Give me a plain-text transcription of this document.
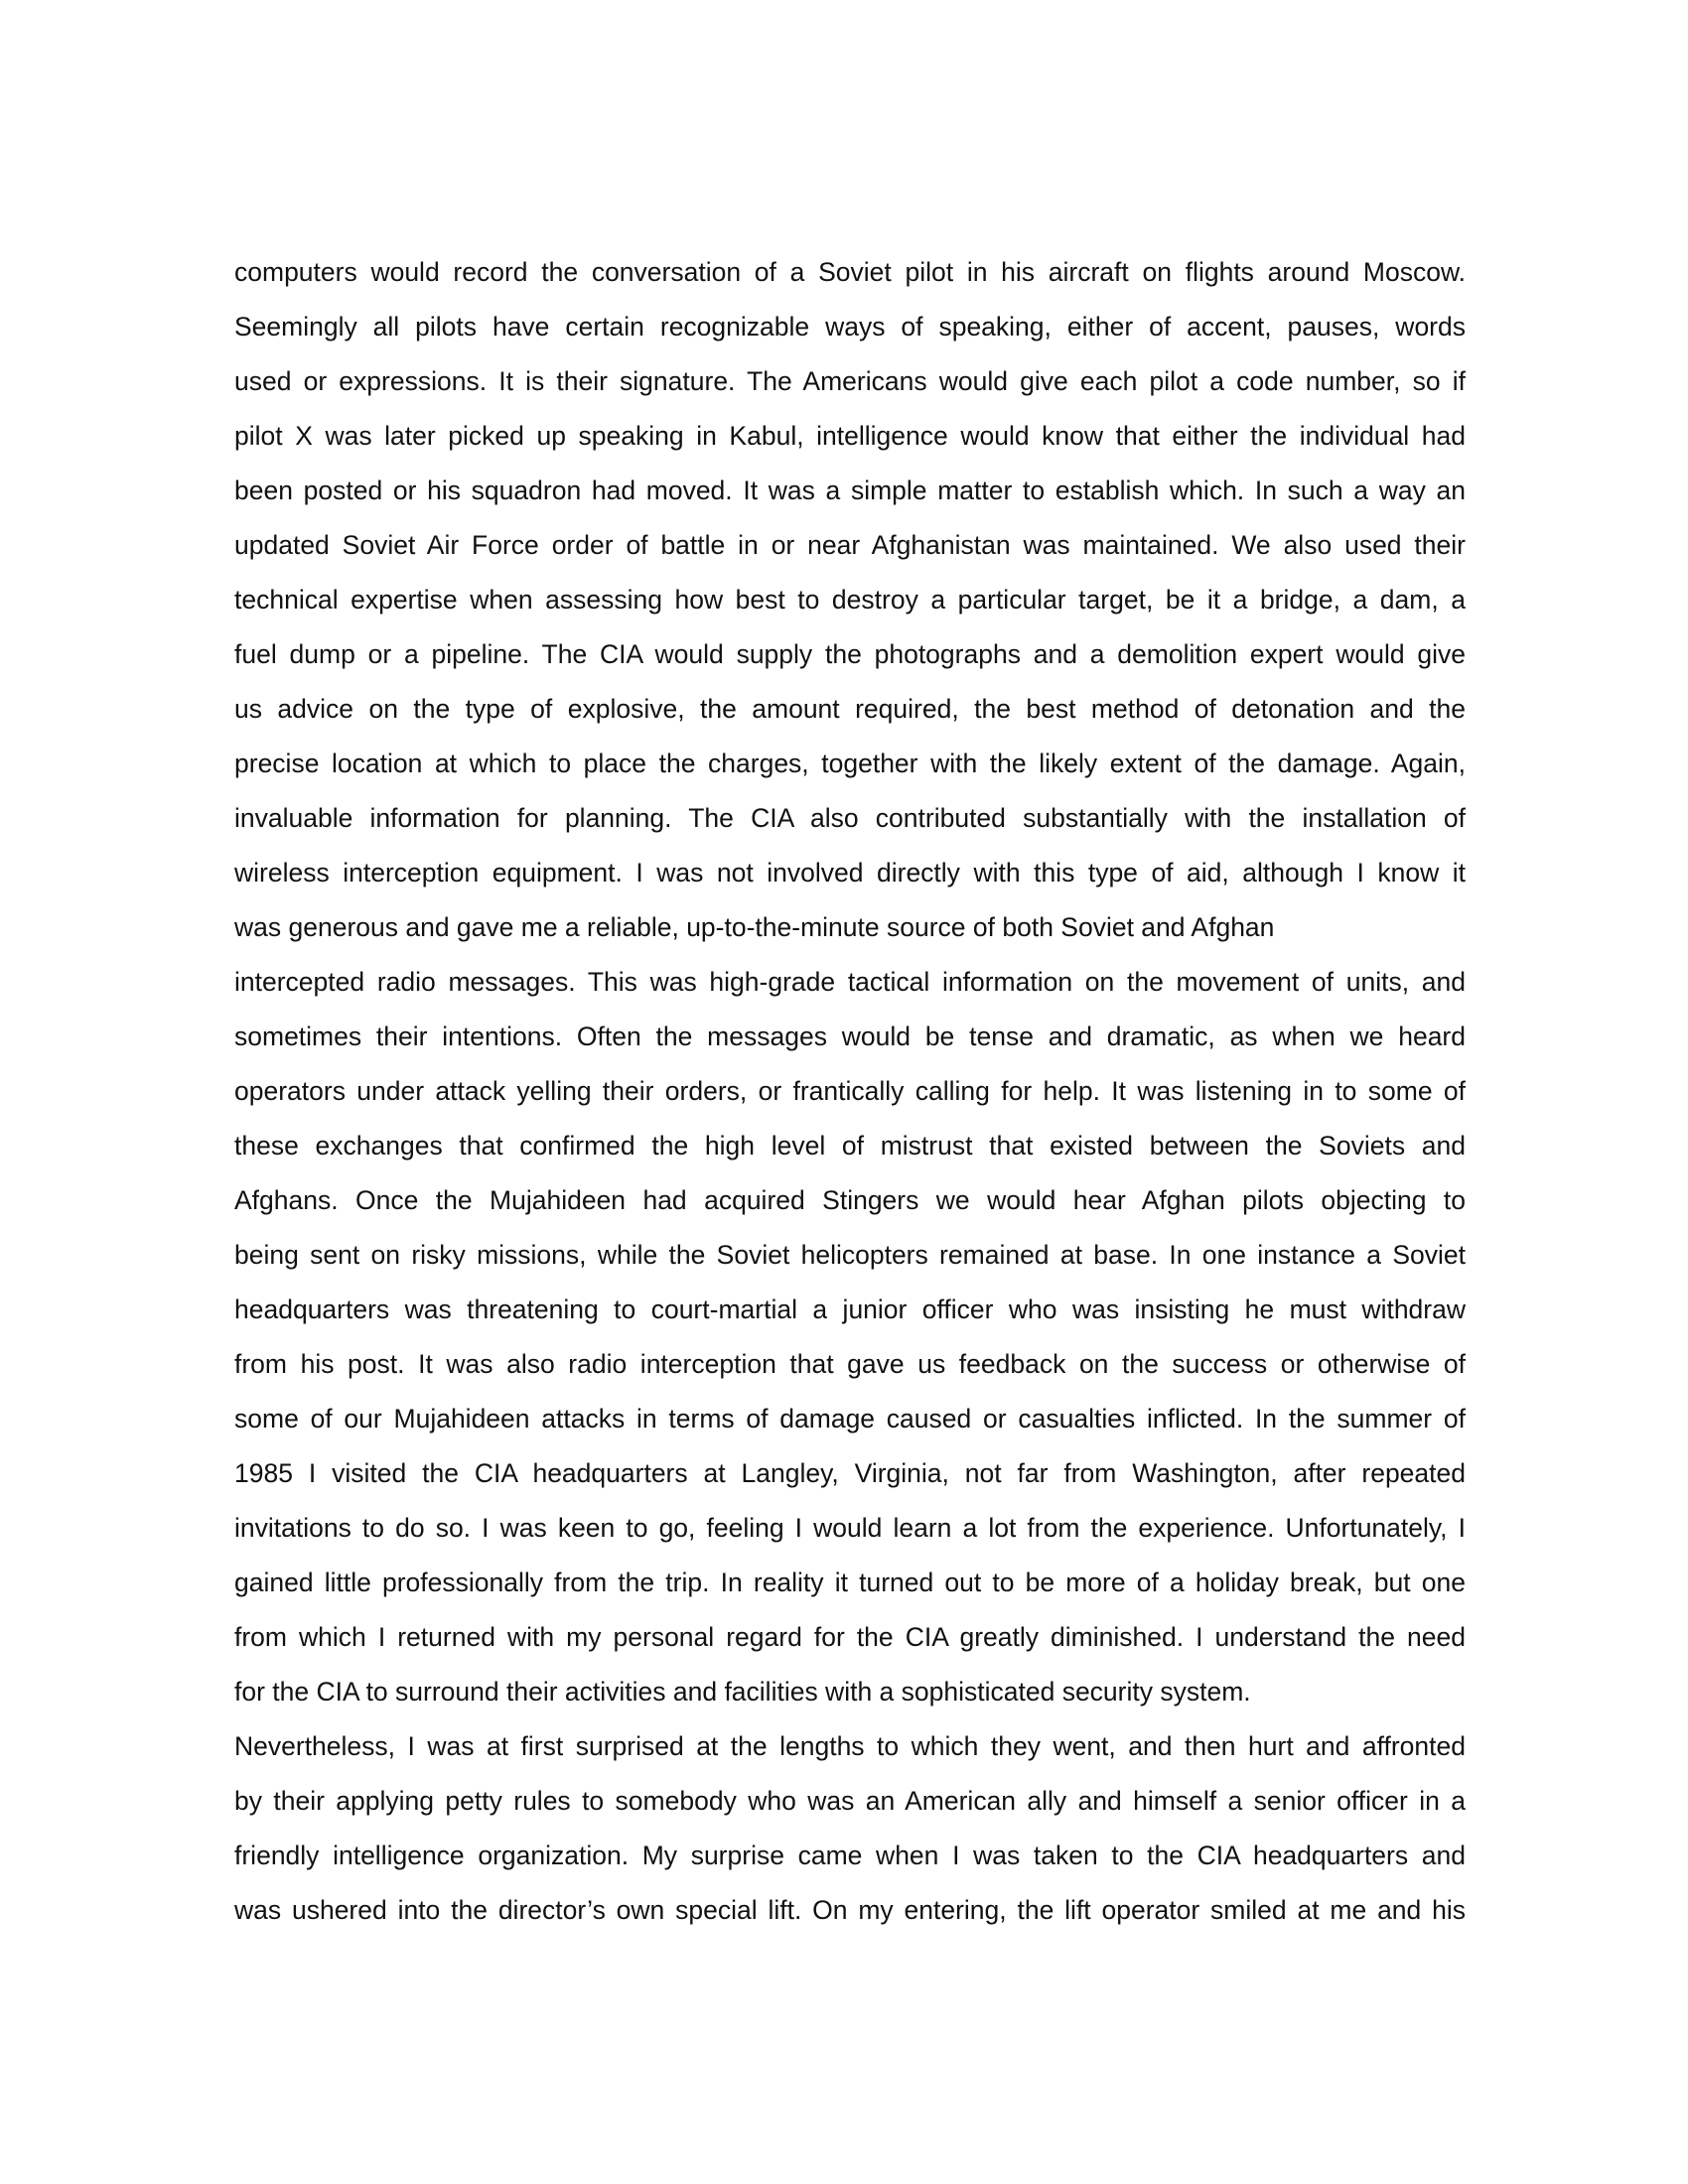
computers would record the conversation of a Soviet pilot in his aircraft on flights around Moscow.
Seemingly all pilots have certain recognizable ways of speaking, either of accent, pauses, words
used or expressions. It is their signature. The Americans would give each pilot a code number, so if
pilot X was later picked up speaking in Kabul, intelligence would know that either the individual had
been posted or his squadron had moved. It was a simple matter to establish which. In such a way an
updated Soviet Air Force order of battle in or near Afghanistan was maintained. We also used their
technical expertise when assessing how best to destroy a particular target, be it a bridge, a dam, a
fuel dump or a pipeline. The CIA would supply the photographs and a demolition expert would give
us advice on the type of explosive, the amount required, the best method of detonation and the
precise location at which to place the charges, together with the likely extent of the damage. Again,
invaluable information for planning. The CIA also contributed substantially with the installation of
wireless interception equipment. I was not involved directly with this type of aid, although I know it
was generous and gave me a reliable, up-to-the-minute source of both Soviet and Afghan
intercepted radio messages. This was high-grade tactical information on the movement of units, and
sometimes their intentions. Often the messages would be tense and dramatic, as when we heard
operators under attack yelling their orders, or frantically calling for help. It was listening in to some of
these exchanges that confirmed the high level of mistrust that existed between the Soviets and
Afghans. Once the Mujahideen had acquired Stingers we would hear Afghan pilots objecting to
being sent on risky missions, while the Soviet helicopters remained at base. In one instance a Soviet
headquarters was threatening to court-martial a junior officer who was insisting he must withdraw
from his post. It was also radio interception that gave us feedback on the success or otherwise of
some of our Mujahideen attacks in terms of damage caused or casualties inflicted. In the summer of
1985 I visited the CIA headquarters at Langley, Virginia, not far from Washington, after repeated
invitations to do so. I was keen to go, feeling I would learn a lot from the experience. Unfortunately, I
gained little professionally from the trip. In reality it turned out to be more of a holiday break, but one
from which I returned with my personal regard for the CIA greatly diminished. I understand the need
for the CIA to surround their activities and facilities with a sophisticated security system.
Nevertheless, I was at first surprised at the lengths to which they went, and then hurt and affronted
by their applying petty rules to somebody who was an American ally and himself a senior officer in a
friendly intelligence organization. My surprise came when I was taken to the CIA headquarters and
was ushered into the director’s own special lift. On my entering, the lift operator smiled at me and his
